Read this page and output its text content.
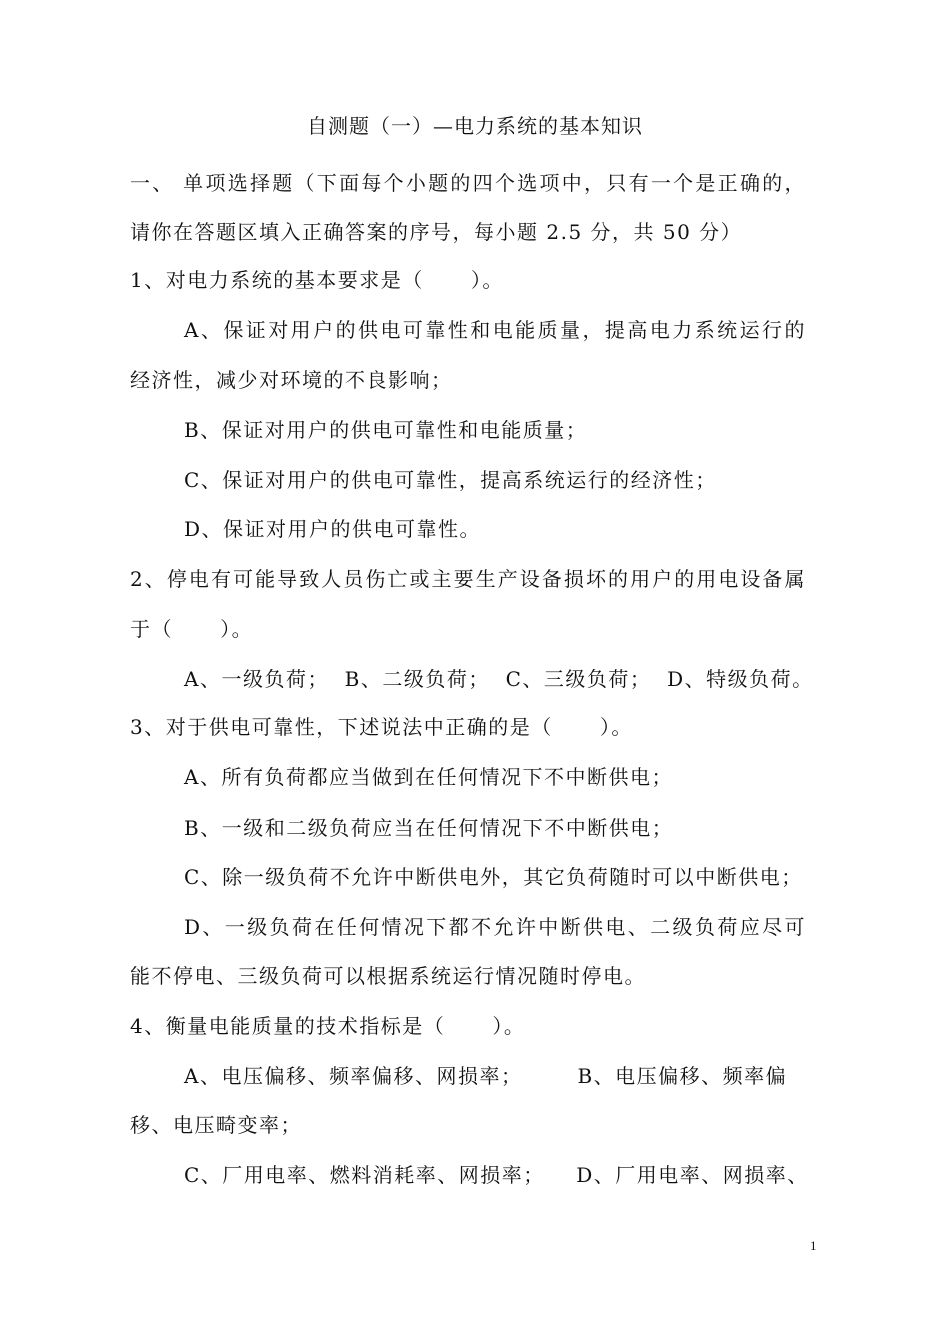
自测题（一）—电力系统的基本知识
一、 单项选择题（下面每个小题的四个选项中，只有一个是正确的，
请你在答题区填入正确答案的序号，每小题 2.5 分，共 50 分）
1、对电力系统的基本要求是（      ）。
A、保证对用户的供电可靠性和电能质量，提高电力系统运行的
经济性，减少对环境的不良影响；
B、保证对用户的供电可靠性和电能质量；
C、保证对用户的供电可靠性，提高系统运行的经济性；
D、保证对用户的供电可靠性。
2、停电有可能导致人员伤亡或主要生产设备损坏的用户的用电设备属
于（      ）。
A、一级负荷；  B、二级负荷；  C、三级负荷；  D、特级负荷。
3、对于供电可靠性，下述说法中正确的是（      ）。
A、所有负荷都应当做到在任何情况下不中断供电；
B、一级和二级负荷应当在任何情况下不中断供电；
C、除一级负荷不允许中断供电外，其它负荷随时可以中断供电；
D、一级负荷在任何情况下都不允许中断供电、二级负荷应尽可
能不停电、三级负荷可以根据系统运行情况随时停电。
4、衡量电能质量的技术指标是（      ）。
A、电压偏移、频率偏移、网损率；       B、电压偏移、频率偏
移、电压畸变率；
C、厂用电率、燃料消耗率、网损率；    D、厂用电率、网损率、
1
